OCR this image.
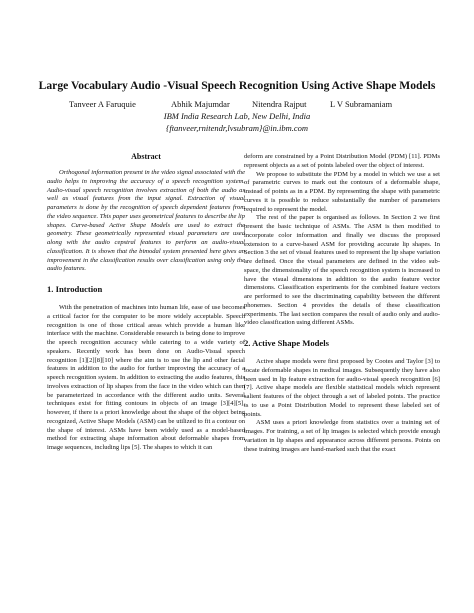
Large Vocabulary Audio -Visual Speech Recognition Using Active Shape Models
Tanveer A Faruquie	Abhik Majumdar	Nitendra Rajput	L V Subramaniam
IBM India Research Lab, New Delhi, India
{ftanveer,rnitendr,lvsubram}@in.ibm.com
Abstract

Orthogonal information present in the video signal associated with the audio helps in improving the accuracy of a speech recognition system. Audio-visual speech recognition involves extraction of both the audio as well as visual features from the input signal. Extraction of visual parameters is done by the recognition of speech dependent features from the video sequence. This paper uses geometrical features to describe the lip shapes. Curve-based Active Shape Models are used to extract the geometry. These geometrically represented visual parameters are used along with the audio cepstral features to perform an audio-visual classification. It is shown that the bimodal system presented here gives an improvement in the classification results over classification using only the audio features.

1. Introduction

With the penetration of machines into human life, ease of use becomes a critical factor for the computer to be more widely acceptable. Speech recognition is one of those critical areas which provide a human like interface with the machine. Considerable research is being done to improve the speech recognition accuracy while catering to a wide variety of speakers. Recently work has been done on Audio-Visual speech recognition [1][2][8][10] where the aim is to use the lip and other facial features in addition to the audio for further improving the accuracy of a speech recognition system. In addition to extracting the audio features, this involves extraction of lip shapes from the face in the video which can then be parameterized in accordance with the different audio units. Several techniques exist for fitting contours in objects of an image [3][4][5], however, if there is a priori knowledge about the shape of the object being recognized, Active Shape Models (ASM) can be utilized to fit a contour on the shape of interest. ASMs have been widely used as a model-based method for extracting shape information about deformable shapes from image sequences, including lips [5]. The shapes to which it can

deform are constrained by a Point Distribution Model (PDM) [11]. PDMs represent objects as a set of points labeled over the object of interest.

We propose to substitute the PDM by a model in which we use a set of parametric curves to mark out the contours of a deformable shape, instead of points as in a PDM. By representing the shape with parametric curves it is possible to reduce substantially the number of parameters required to represent the model.

The rest of the paper is organised as follows. In Section 2 we first present the basic technique of ASMs. The ASM is then modified to incorporate color information and finally we discuss the proposed extension to a curve-based ASM for providing accurate lip shapes. In Section 3 the set of visual features used to represent the lip shape variation are defined. Once the visual parameters are defined in the video sub-space, the dimensionality of the speech recognition system is increased to have the visual dimensions in addition to the audio feature vector dimensions. Classification experiments for the combined feature vectors are performed to see the discriminating capability between the different phonemes. Section 4 provides the details of these classification experiments. The last section compares the result of audio only and audio-video classification using different ASMs.

2. Active Shape Models

Active shape models were first proposed by Cootes and Taylor [3] to locate deformable shapes in medical images. Subsequently they have also been used in lip feature extraction for audio-visual speech recognition [6][7]. Active shape models are flexible statistical models which represent salient features of the object through a set of labeled points. The practice is to use a Point Distribution Model to represent these labeled set of points.

ASM uses a priori knowledge from statistics over a training set of images. For training, a set of lip images is selected which provide enough variation in lip shapes and appearance across different persons. Points on these training images are hand-marked such that the exact
